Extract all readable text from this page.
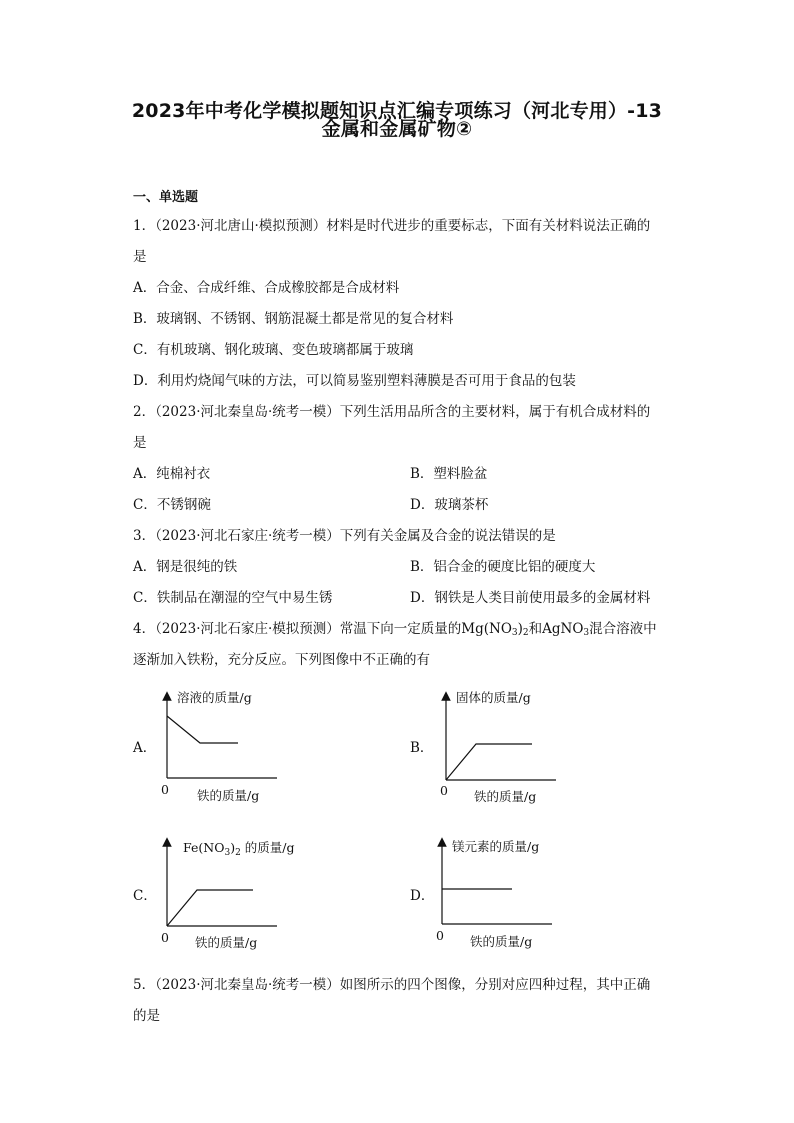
2023年中考化学模拟题知识点汇编专项练习（河北专用）-13
金属和金属矿物②
一、单选题
1．（2023·河北唐山·模拟预测）材料是时代进步的重要标志，下面有关材料说法正确的
是
A．合金、合成纤维、合成橡胶都是合成材料
B．玻璃钢、不锈钢、钢筋混凝土都是常见的复合材料
C．有机玻璃、钢化玻璃、变色玻璃都属于玻璃
D．利用灼烧闻气味的方法，可以简易鉴别塑料薄膜是否可用于食品的包装
2．（2023·河北秦皇岛·统考一模）下列生活用品所含的主要材料，属于有机合成材料的
是
A．纯棉衬衣	B．塑料脸盆
C．不锈钢碗	D．玻璃茶杯
3．（2023·河北石家庄·统考一模）下列有关金属及合金的说法错误的是
A．钢是很纯的铁	B．铝合金的硬度比铝的硬度大
C．铁制品在潮湿的空气中易生锈	D．钢铁是人类目前使用最多的金属材料
4．（2023·河北石家庄·模拟预测）常温下向一定质量的$Mg(NO_3)_2$和AgNO$_3$混合溶液中
逐渐加入铁粉，充分反应。下列图像中不正确的有
A．
溶液的质量/g
0 铁的质量/g
B．
固体的质量/g
0 铁的质量/g
C．
$Fe(NO_3)_2$ 的质量/g
0 铁的质量/g
D．
镁元素的质量/g
0 铁的质量/g
5．（2023·河北秦皇岛·统考一模）如图所示的四个图像，分别对应四种过程，其中正确
的是
